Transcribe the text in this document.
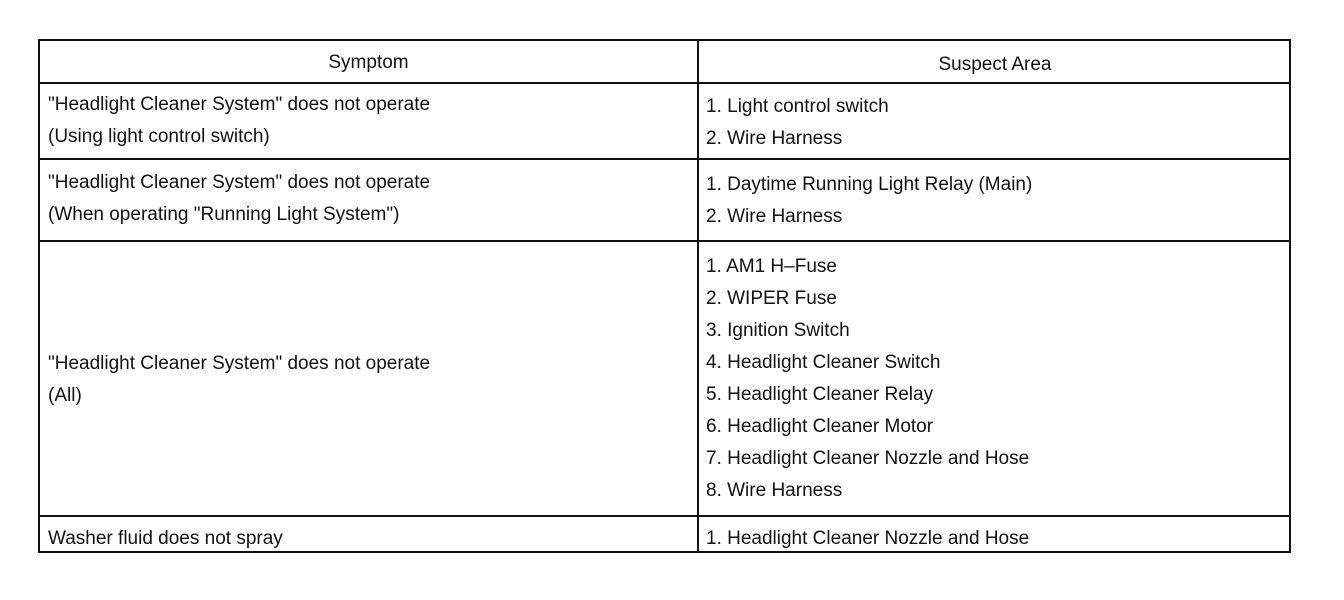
Symptom	Suspect Area
"Headlight Cleaner System" does not operate
(Using light control switch)
1. Light control switch
2. Wire Harness
"Headlight Cleaner System" does not operate
(When operating "Running Light System")
1. Daytime Running Light Relay (Main)
2. Wire Harness
"Headlight Cleaner System" does not operate
(All)
1. AM1 H–Fuse
2. WIPER Fuse
3. Ignition Switch
4. Headlight Cleaner Switch
5. Headlight Cleaner Relay
6. Headlight Cleaner Motor
7. Headlight Cleaner Nozzle and Hose
8. Wire Harness
Washer fluid does not spray	1. Headlight Cleaner Nozzle and Hose
